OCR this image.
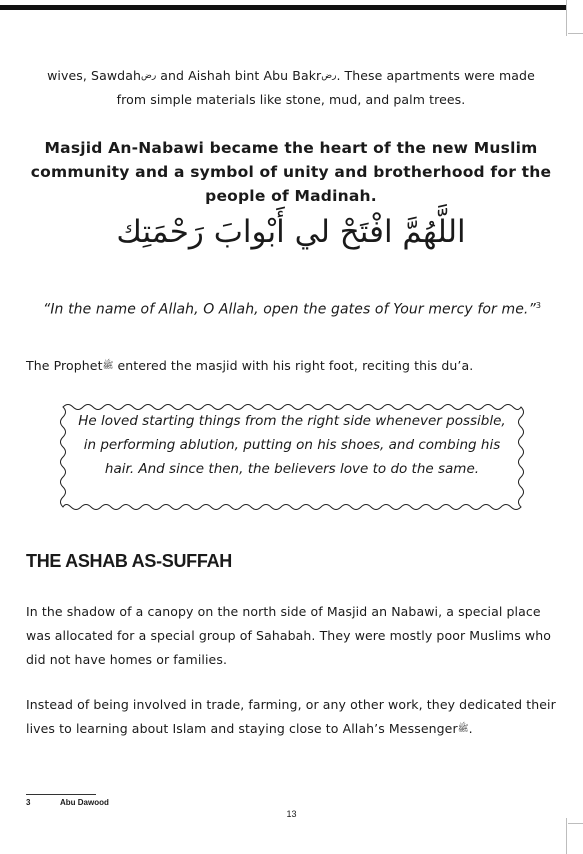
wives, Sawdahرض and Aishah bint Abu Bakrرض. These apartments were made
from simple materials like stone, mud, and palm trees.

Masjid An-Nabawi became the heart of the new Muslim community and a symbol of unity and brotherhood for the people of Madinah.

اللَّهُمَّ افْتَحْ لي أَبْوابَ رَحْمَتِك

“In the name of Allah, O Allah, open the gates of Your mercy for me.”$^3$

The Prophetﷺ entered the masjid with his right foot, reciting this du’a.

He loved starting things from the right side whenever possible, in performing ablution, putting on his shoes, and combing his hair. And since then, the believers love to do the same.
THE ASHAB AS-SUFFAH

In the shadow of a canopy on the north side of Masjid an Nabawi, a special place was allocated for a special group of Sahabah. They were mostly poor Muslims who did not have homes or families.

Instead of being involved in trade, farming, or any other work, they dedicated their lives to learning about Islam and staying close to Allah’s Messengerﷺ.

3	Abu Dawood
13
